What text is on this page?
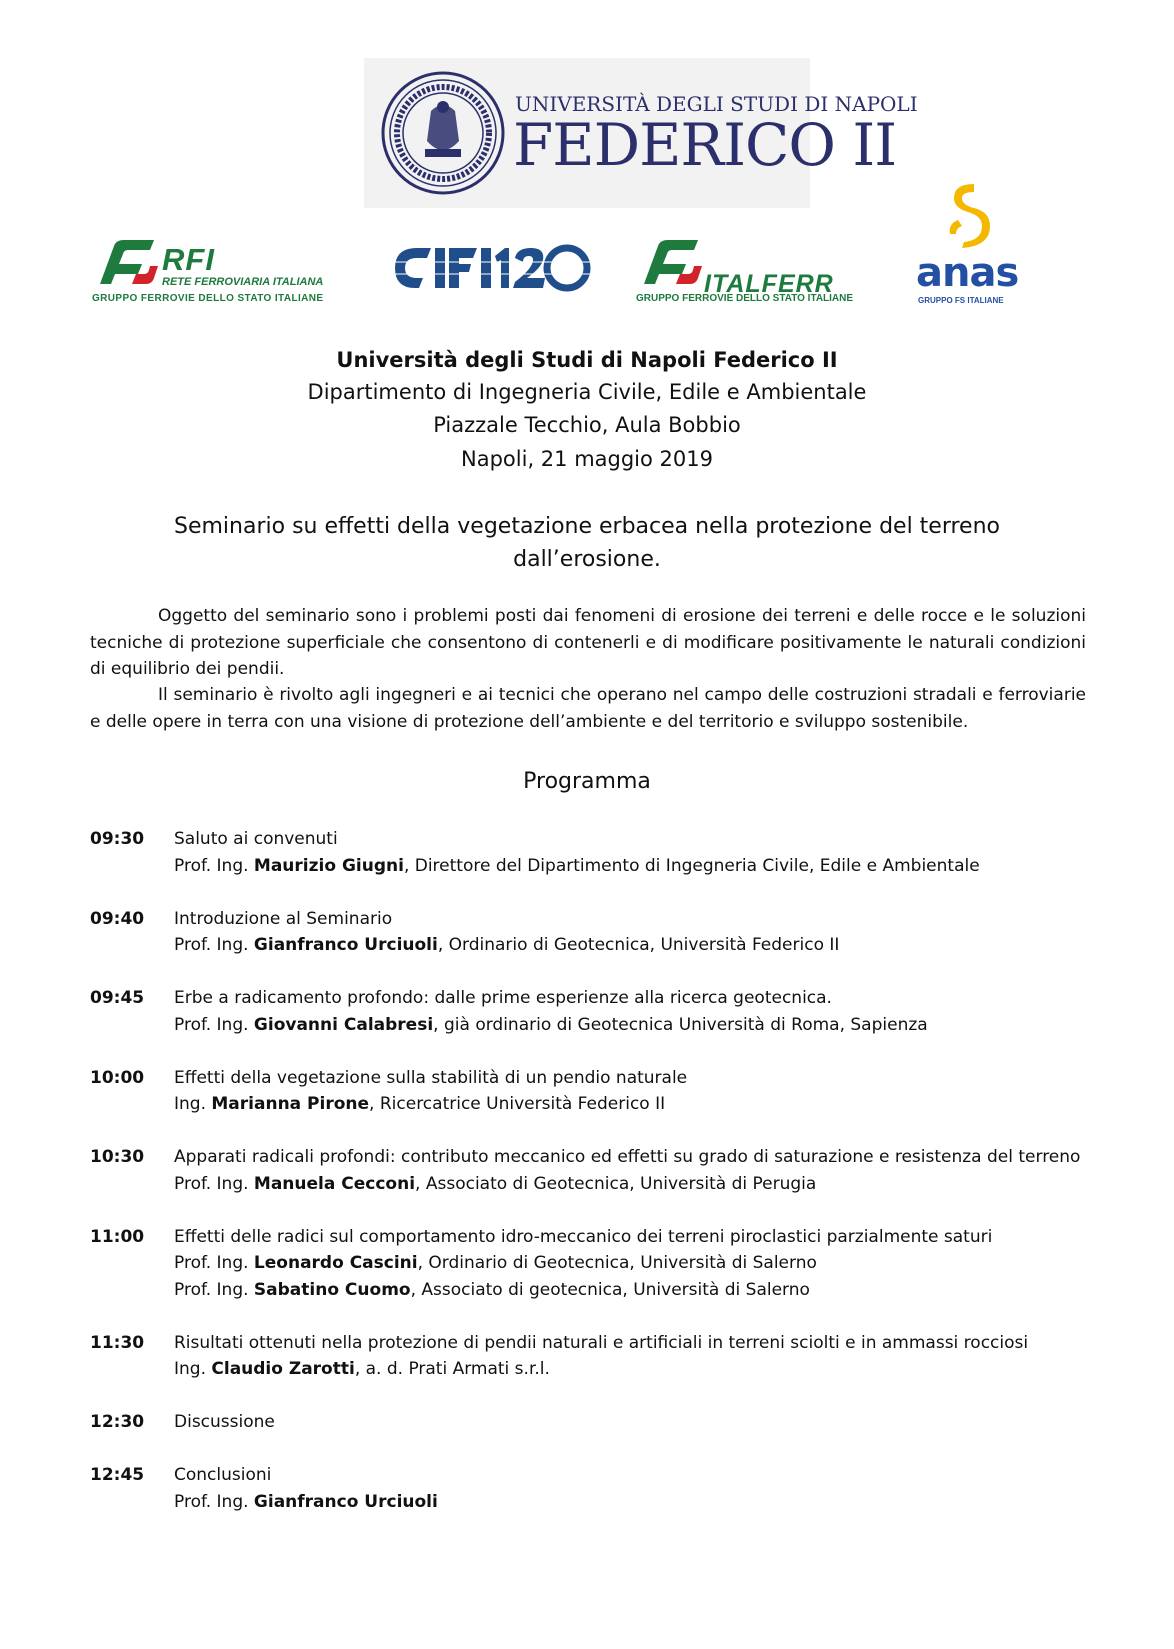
UNIVERSITÀ DEGLI STUDI DI NAPOLI
FEDERICO II
RFI
RETE FERROVIARIA ITALIANA
GRUPPO FERROVIE DELLO STATO ITALIANE
ITALFERR
GRUPPO FERROVIE DELLO STATO ITALIANE
anas
GRUPPO FS ITALIANE
Università degli Studi di Napoli Federico II
Dipartimento di Ingegneria Civile, Edile e Ambientale
Piazzale Tecchio, Aula Bobbio
Napoli, 21 maggio 2019
Seminario su effetti della vegetazione erbacea nella protezione del terreno
dall’erosione.

Oggetto del seminario sono i problemi posti dai fenomeni di erosione dei terreni e delle rocce e le soluzioni tecniche di protezione superficiale che consentono di contenerli e di modificare positivamente le naturali condizioni di equilibrio dei pendii.

Il seminario è rivolto agli ingegneri e ai tecnici che operano nel campo delle costruzioni stradali e ferroviarie e delle opere in terra con una visione di protezione dell’ambiente e del territorio e sviluppo sostenibile.

Programma
09:30 Saluto ai convenuti
Prof. Ing. Maurizio Giugni, Direttore del Dipartimento di Ingegneria Civile, Edile e Ambientale
09:40 Introduzione al Seminario
Prof. Ing. Gianfranco Urciuoli, Ordinario di Geotecnica, Università Federico II
09:45 Erbe a radicamento profondo: dalle prime esperienze alla ricerca geotecnica.
Prof. Ing. Giovanni Calabresi, già ordinario di Geotecnica Università di Roma, Sapienza
10:00 Effetti della vegetazione sulla stabilità di un pendio naturale
Ing. Marianna Pirone, Ricercatrice Università Federico II
10:30 Apparati radicali profondi: contributo meccanico ed effetti su grado di saturazione e resistenza del terreno
Prof. Ing. Manuela Cecconi, Associato di Geotecnica, Università di Perugia
11:00 Effetti delle radici sul comportamento idro-meccanico dei terreni piroclastici parzialmente saturi
Prof. Ing. Leonardo Cascini, Ordinario di Geotecnica, Università di Salerno
Prof. Ing. Sabatino Cuomo, Associato di geotecnica, Università di Salerno
11:30 Risultati ottenuti nella protezione di pendii naturali e artificiali in terreni sciolti e in ammassi rocciosi
Ing. Claudio Zarotti, a. d. Prati Armati s.r.l.
12:30 Discussione
12:45 Conclusioni
Prof. Ing. Gianfranco Urciuoli
